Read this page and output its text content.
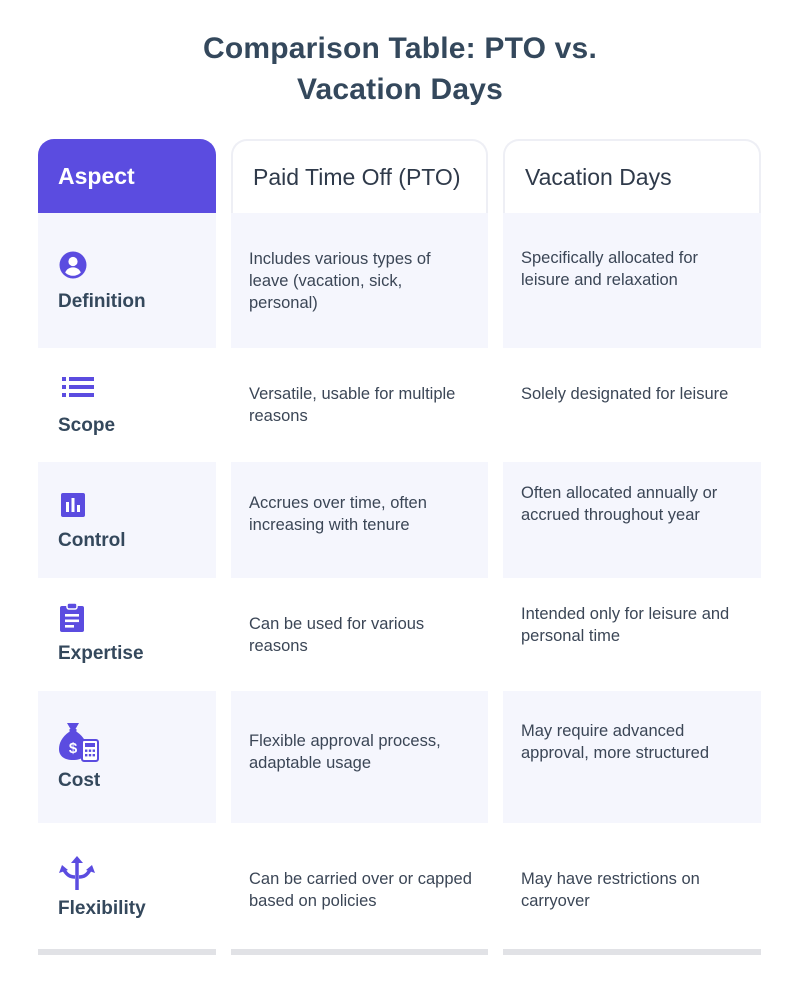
Comparison Table: PTO vs.
Vacation Days
Aspect
Definition
Scope
Control
Expertise
$
Cost
Flexibility
Paid Time Off (PTO)
Includes various types of leave (vacation, sick, personal)
Versatile, usable for multiple reasons
Accrues over time, often increasing with tenure
Can be used for various reasons
Flexible approval process, adaptable usage
Can be carried over or capped based on policies
Vacation Days
Specifically allocated for leisure and relaxation
Solely designated for leisure
Often allocated annually or accrued throughout year
Intended only for leisure and personal time
May require advanced approval, more structured
May have restrictions on carryover
